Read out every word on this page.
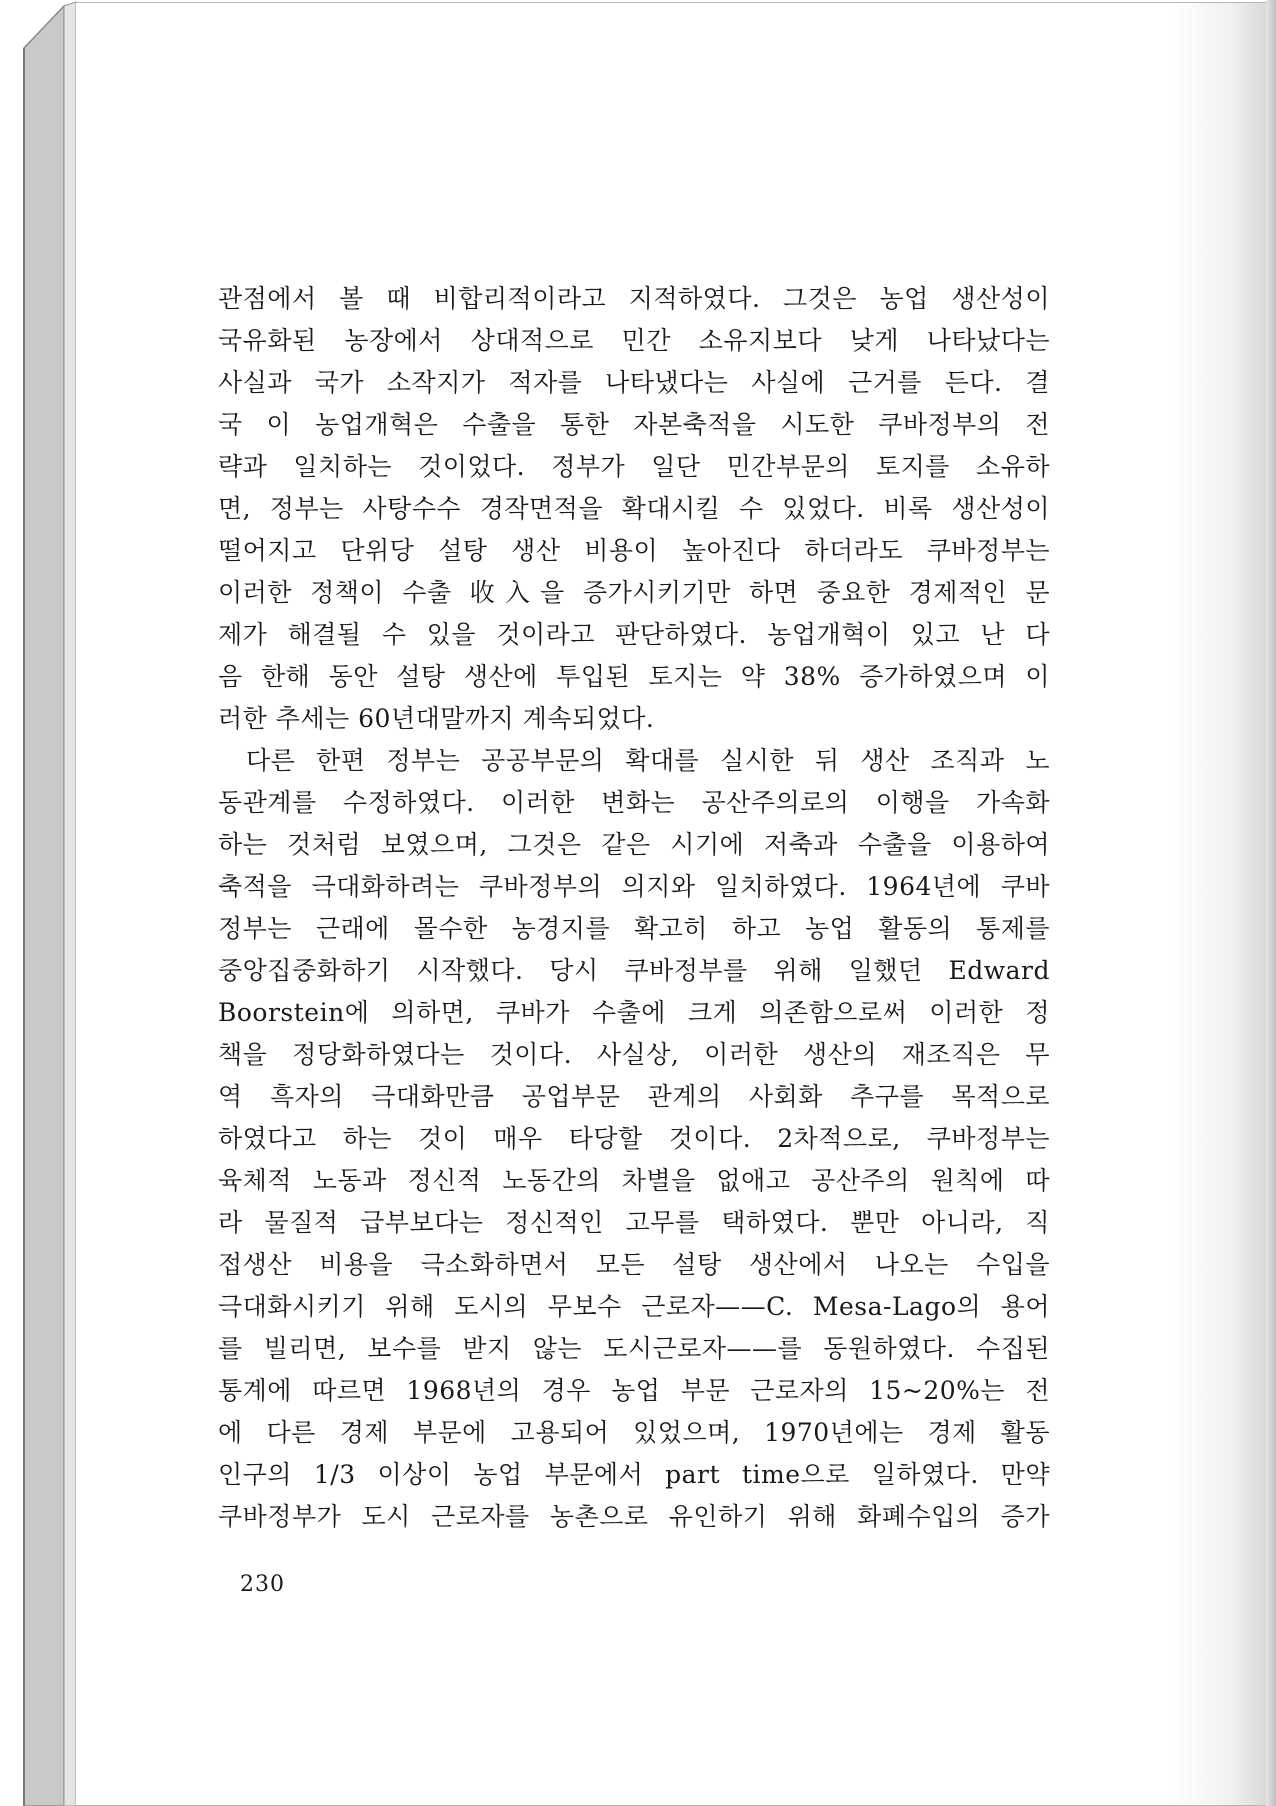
관점에서 볼 때 비합리적이라고 지적하였다. 그것은 농업 생산성이
국유화된 농장에서 상대적으로 민간 소유지보다 낮게 나타났다는
사실과 국가 소작지가 적자를 나타냈다는 사실에 근거를 든다. 결
국 이 농업개혁은 수출을 통한 자본축적을 시도한 쿠바정부의 전
략과 일치하는 것이었다. 정부가 일단 민간부문의 토지를 소유하
면, 정부는 사탕수수 경작면적을 확대시킬 수 있었다. 비록 생산성이
떨어지고 단위당 설탕 생산 비용이 높아진다 하더라도 쿠바정부는
이러한 정책이 수출 收入을 증가시키기만 하면 중요한 경제적인 문
제가 해결될 수 있을 것이라고 판단하였다. 농업개혁이 있고 난 다
음 한해 동안 설탕 생산에 투입된 토지는 약 38% 증가하였으며 이
러한 추세는 60년대말까지 계속되었다.
다른 한편 정부는 공공부문의 확대를 실시한 뒤 생산 조직과 노
동관계를 수정하였다. 이러한 변화는 공산주의로의 이행을 가속화
하는 것처럼 보였으며, 그것은 같은 시기에 저축과 수출을 이용하여
축적을 극대화하려는 쿠바정부의 의지와 일치하였다. 1964년에 쿠바
정부는 근래에 몰수한 농경지를 확고히 하고 농업 활동의 통제를
중앙집중화하기 시작했다. 당시 쿠바정부를 위해 일했던 Edward
Boorstein에 의하면, 쿠바가 수출에 크게 의존함으로써 이러한 정
책을 정당화하였다는 것이다. 사실상, 이러한 생산의 재조직은 무
역 흑자의 극대화만큼 공업부문 관계의 사회화 추구를 목적으로
하였다고 하는 것이 매우 타당할 것이다. 2차적으로, 쿠바정부는
육체적 노동과 정신적 노동간의 차별을 없애고 공산주의 원칙에 따
라 물질적 급부보다는 정신적인 고무를 택하였다. 뿐만 아니라, 직
접생산 비용을 극소화하면서 모든 설탕 생산에서 나오는 수입을
극대화시키기 위해 도시의 무보수 근로자——C. Mesa-Lago의 용어
를 빌리면, 보수를 받지 않는 도시근로자——를 동원하였다. 수집된
통계에 따르면 1968년의 경우 농업 부문 근로자의 15~20%는 전
에 다른 경제 부문에 고용되어 있었으며, 1970년에는 경제 활동
인구의 1/3 이상이 농업 부문에서 part time으로 일하였다. 만약
쿠바정부가 도시 근로자를 농촌으로 유인하기 위해 화폐수입의 증가
230
